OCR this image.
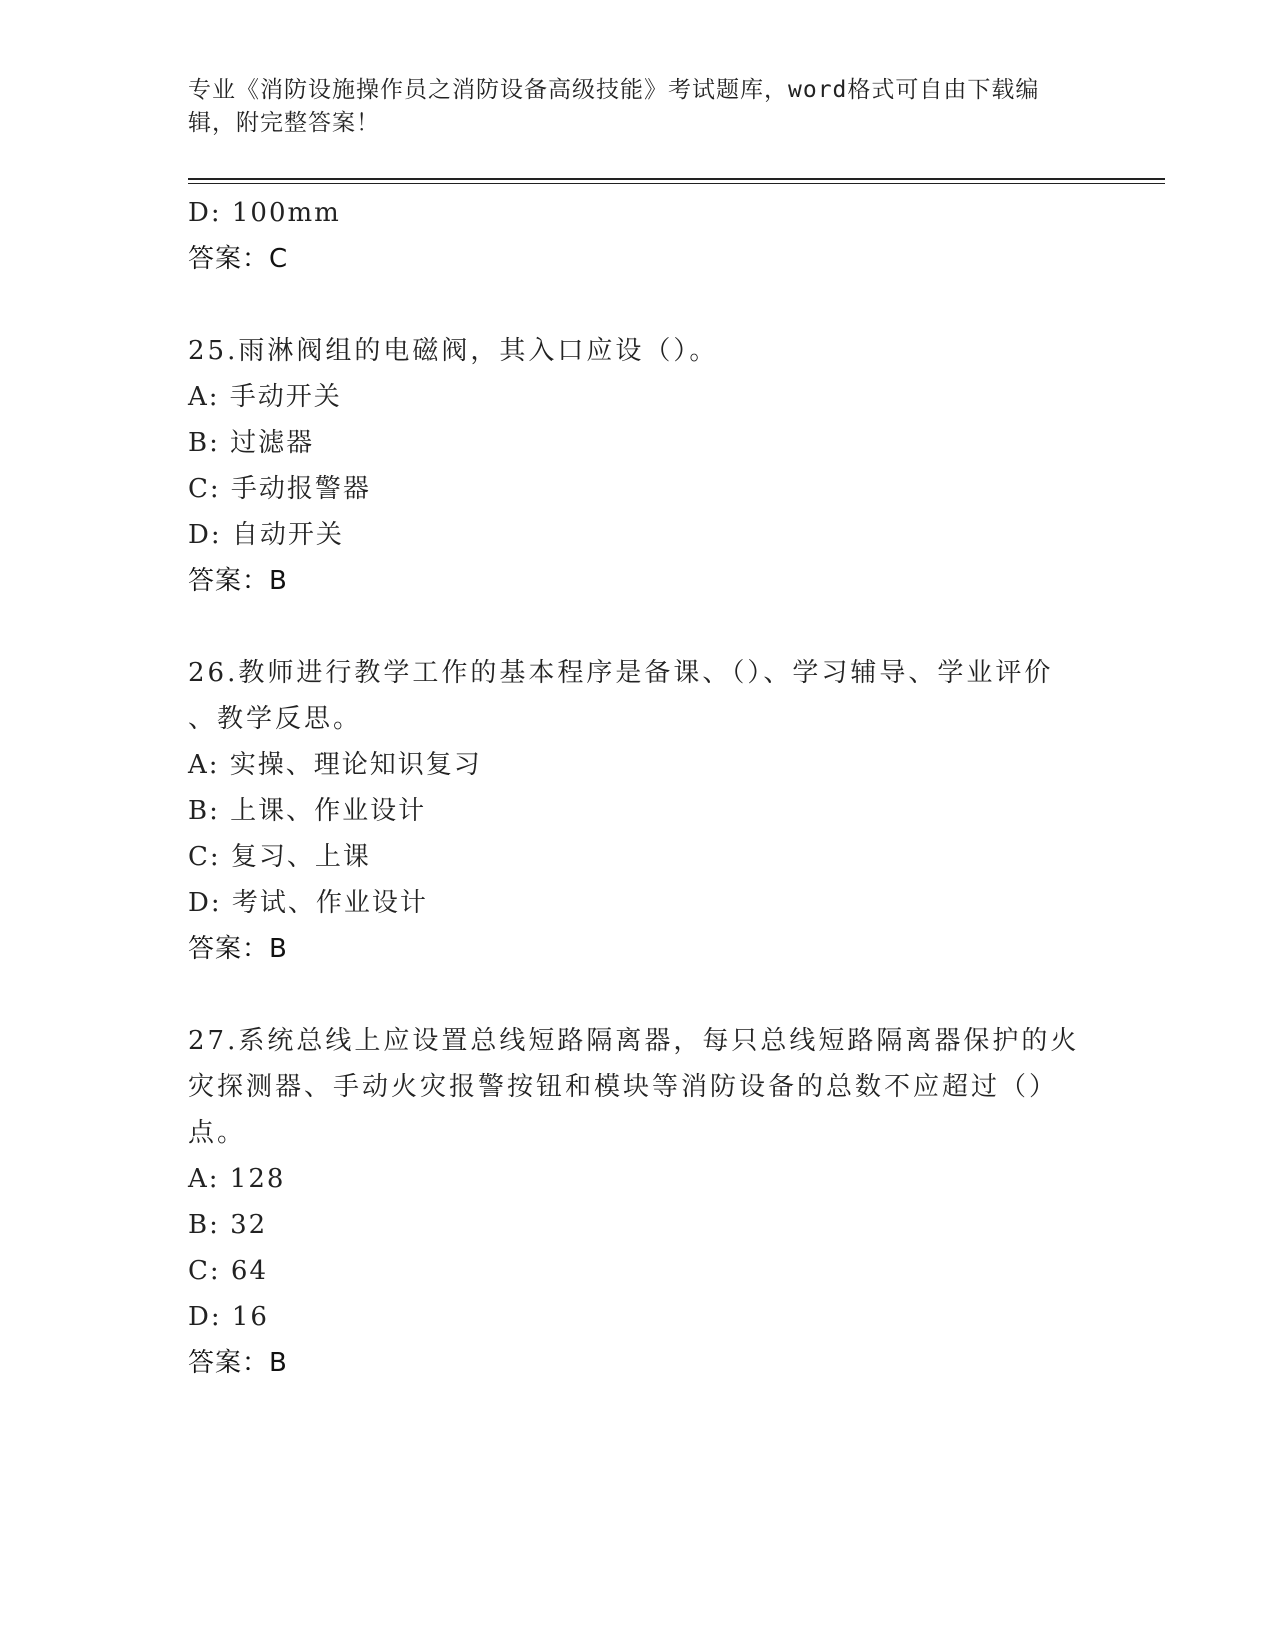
专业《消防设施操作员之消防设备高级技能》考试题库，word格式可自由下载编
辑，附完整答案！
D: 100mm
答案：C
25.雨淋阀组的电磁阀，其入口应设（）。
A: 手动开关
B: 过滤器
C: 手动报警器
D: 自动开关
答案：B
26.教师进行教学工作的基本程序是备课、（）、学习辅导、学业评价
、教学反思。
A: 实操、理论知识复习
B: 上课、作业设计
C: 复习、上课
D: 考试、作业设计
答案：B
27.系统总线上应设置总线短路隔离器，每只总线短路隔离器保护的火
灾探测器、手动火灾报警按钮和模块等消防设备的总数不应超过（）
点。
A: 128
B: 32
C: 64
D: 16
答案：B
